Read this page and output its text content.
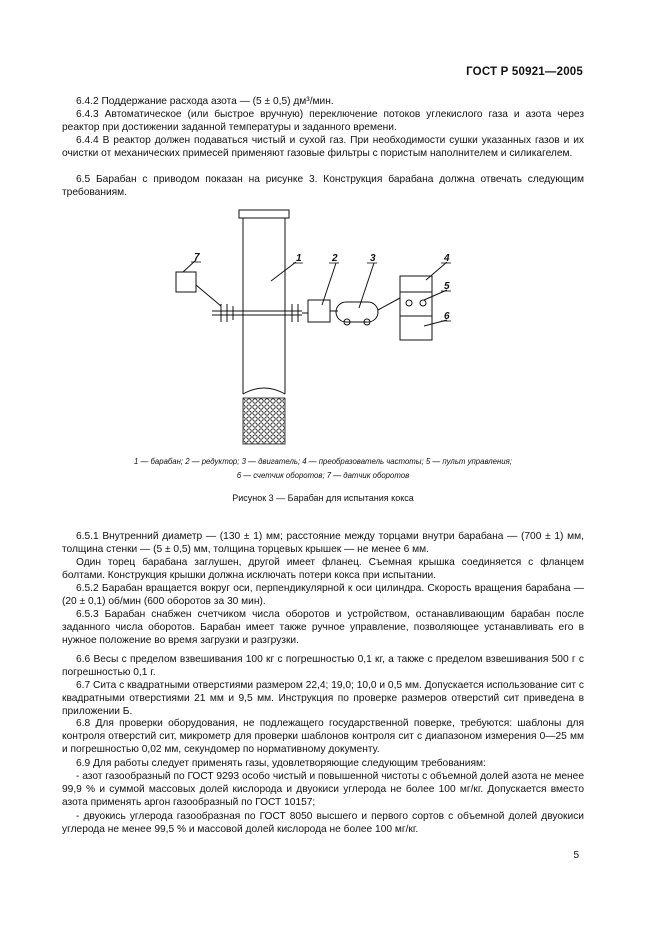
ГОСТ Р 50921—2005
6.4.2 Поддержание расхода азота — (5 ± 0,5) дм³/мин.
6.4.3 Автоматическое (или быстрое вручную) переключение потоков углекислого газа и азота через реактор при достижении заданной температуры и заданного времени.
6.4.4 В реактор должен подаваться чистый и сухой газ. При необходимости сушки указанных газов и их очистки от механических примесей применяют газовые фильтры с пористым наполнителем и силикагелем.
6.5 Барабан с приводом показан на рисунке 3. Конструкция барабана должна отвечать следующим требованиям.
1	2	3	4
5
6
7
1 — барабан; 2 — редуктор; 3 — двигатель; 4 — преобразователь частоты; 5 — пульт управления;
6 — счетчик оборотов; 7 — датчик оборотов
Рисунок 3 — Барабан для испытания кокса
6.5.1 Внутренний диаметр — (130 ± 1) мм; расстояние между торцами внутри барабана — (700 ± 1) мм, толщина стенки — (5 ± 0,5) мм, толщина торцевых крышек — не менее 6 мм.
Один торец барабана заглушен, другой имеет фланец. Съемная крышка соединяется с фланцем болтами. Конструкция крышки должна исключать потери кокса при испытании.
6.5.2 Барабан вращается вокруг оси, перпендикулярной к оси цилиндра. Скорость вращения барабана — (20 ± 0,1) об/мин (600 оборотов за 30 мин).
6.5.3 Барабан снабжен счетчиком числа оборотов и устройством, останавливающим барабан после заданного числа оборотов. Барабан имеет также ручное управление, позволяющее устанавливать его в нужное положение во время загрузки и разгрузки.
6.6 Весы с пределом взвешивания 100 кг с погрешностью 0,1 кг, а также с пределом взвешивания 500 г с погрешностью 0,1 г.
6.7 Сита с квадратными отверстиями размером 22,4; 19,0; 10,0 и 0,5 мм. Допускается использование сит с квадратными отверстиями 21 мм и 9,5 мм. Инструкция по проверке размеров отверстий сит приведена в приложении Б.
6.8 Для проверки оборудования, не подлежащего государственной поверке, требуются: шаблоны для контроля отверстий сит, микрометр для проверки шаблонов контроля сит с диапазоном измерения 0—25 мм и погрешностью 0,02 мм, секундомер по нормативному документу.
6.9 Для работы следует применять газы, удовлетворяющие следующим требованиям:
- азот газообразный по ГОСТ 9293 особо чистый и повышенной чистоты с объемной долей азота не менее 99,9 % и суммой массовых долей кислорода и двуокиси углерода не более 100 мг/кг. Допускается вместо азота применять аргон газообразный по ГОСТ 10157;
- двуокись углерода газообразная по ГОСТ 8050 высшего и первого сортов с объемной долей двуокиси углерода не менее 99,5 % и массовой долей кислорода не более 100 мг/кг.
5
